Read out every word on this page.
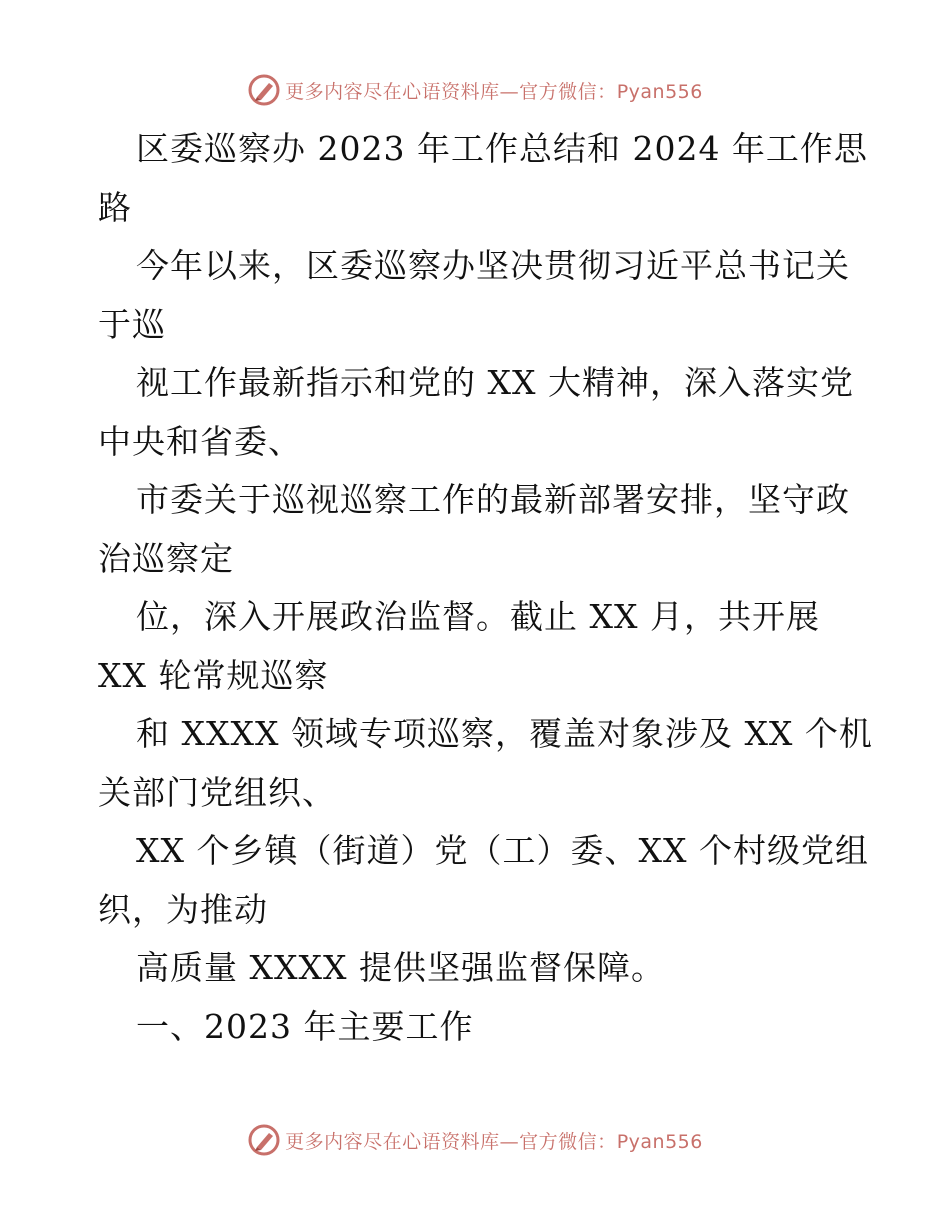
更多内容尽在心语资料库—官方微信：Pyan556
区委巡察办 2023 年工作总结和 2024 年工作思
路
今年以来，区委巡察办坚决贯彻习近平总书记关
于巡
视工作最新指示和党的 XX 大精神，深入落实党
中央和省委、
市委关于巡视巡察工作的最新部署安排，坚守政
治巡察定
位，深入开展政治监督。截止 XX 月，共开展
XX 轮常规巡察
和 XXXX 领域专项巡察，覆盖对象涉及 XX 个机
关部门党组织、
XX 个乡镇（街道）党（工）委、XX 个村级党组
织，为推动
高质量 XXXX 提供坚强监督保障。
一、2023 年主要工作
更多内容尽在心语资料库—官方微信：Pyan556
